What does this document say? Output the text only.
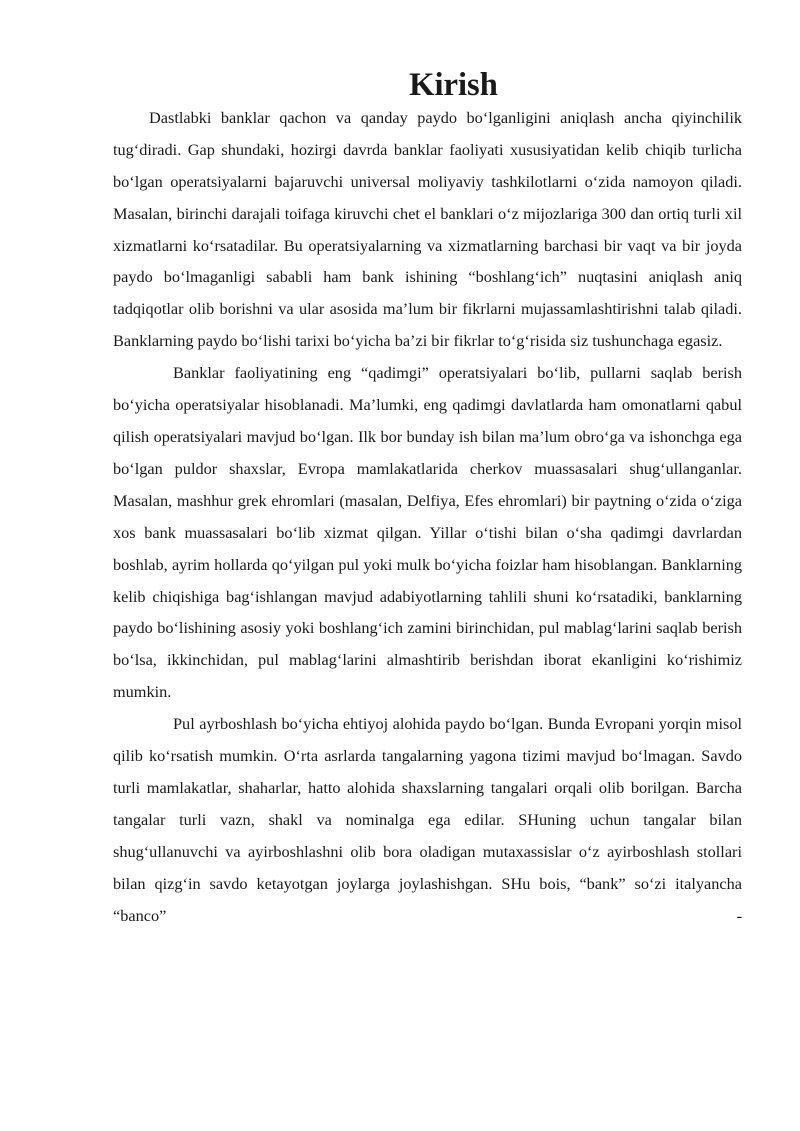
Kirish

Dastlabki banklar qachon va qanday paydo bo‘lganligini aniqlash ancha qiyinchilik tug‘diradi. Gap shundaki, hozirgi davrda banklar faoliyati xususiyatidan kelib chiqib turlicha bo‘lgan operatsiyalarni bajaruvchi universal moliyaviy tashkilotlarni o‘zida namoyon qiladi. Masalan, birinchi darajali toifaga kiruvchi chet el banklari o‘z mijozlariga 300 dan ortiq turli xil xizmatlarni ko‘rsatadilar. Bu operatsiyalarning va xizmatlarning barchasi bir vaqt va bir joyda paydo bo‘lmaganligi sababli ham bank ishining “boshlang‘ich” nuqtasini aniqlash aniq tadqiqotlar olib borishni va ular asosida ma’lum bir fikrlarni mujassamlashtirishni talab qiladi. Banklarning paydo bo‘lishi tarixi bo‘yicha ba’zi bir fikrlar to‘g‘risida siz tushunchaga egasiz.

Banklar faoliyatining eng “qadimgi” operatsiyalari bo‘lib, pullarni saqlab berish bo‘yicha operatsiyalar hisoblanadi. Ma’lumki, eng qadimgi davlatlarda ham omonatlarni qabul qilish operatsiyalari mavjud bo‘lgan. Ilk bor bunday ish bilan ma’lum obro‘ga va ishonchga ega bo‘lgan puldor shaxslar, Evropa mamlakatlarida cherkov muassasalari shug‘ullanganlar. Masalan, mashhur grek ehromlari (masalan, Delfiya, Efes ehromlari) bir paytning o‘zida o‘ziga xos bank muassasalari bo‘lib xizmat qilgan. Yillar o‘tishi bilan o‘sha qadimgi davrlardan boshlab, ayrim hollarda qo‘yilgan pul yoki mulk bo‘yicha foizlar ham hisoblangan. Banklarning kelib chiqishiga bag‘ishlangan mavjud adabiyotlarning tahlili shuni ko‘rsatadiki, banklarning paydo bo‘lishining asosiy yoki boshlang‘ich zamini birinchidan, pul mablag‘larini saqlab berish bo‘lsa, ikkinchidan, pul mablag‘larini almashtirib berishdan iborat ekanligini ko‘rishimiz mumkin.

Pul ayrboshlash bo‘yicha ehtiyoj alohida paydo bo‘lgan. Bunda Evropani yorqin misol qilib ko‘rsatish mumkin. O‘rta asrlarda tangalarning yagona tizimi mavjud bo‘lmagan. Savdo turli mamlakatlar, shaharlar, hatto alohida shaxslarning tangalari orqali olib borilgan. Barcha tangalar turli vazn, shakl va nominalga ega edilar. SHuning uchun tangalar bilan shug‘ullanuvchi va ayirboshlashni olib bora oladigan mutaxassislar o‘z ayirboshlash stollari bilan qizg‘in savdo ketayotgan joylarga joylashishgan. SHu bois, “bank” so‘zi italyancha “banco” -
